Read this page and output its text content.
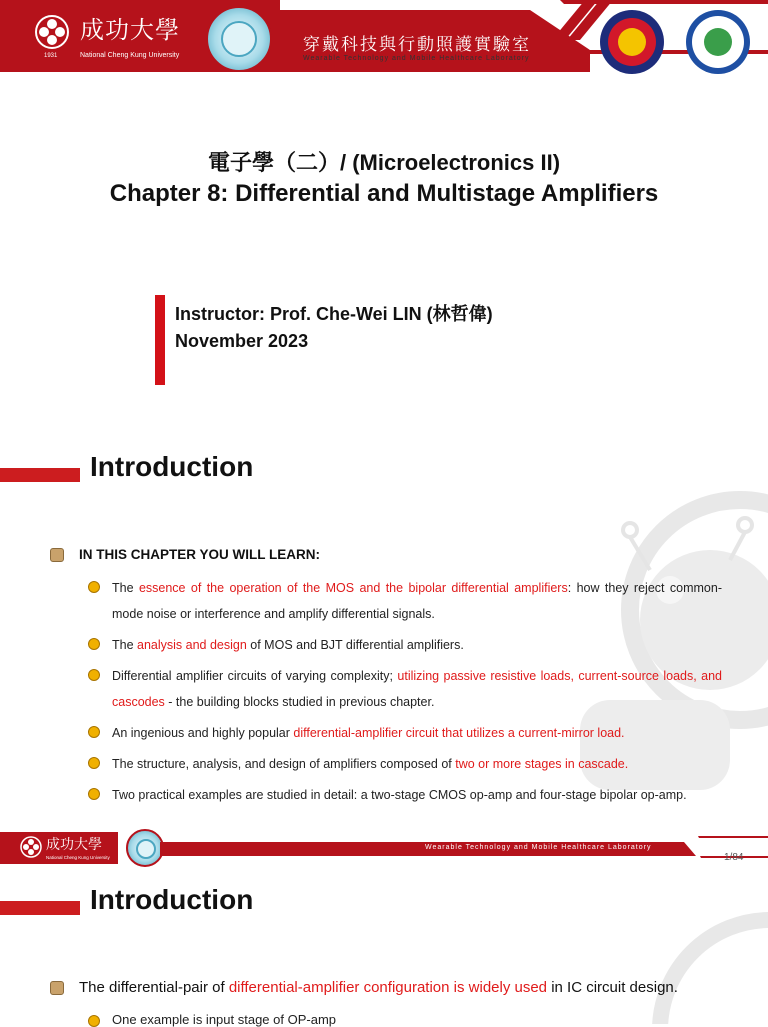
成功大學
1931	National Cheng Kung University
穿戴科技與行動照護實驗室
Wearable Technology and Mobile Healthcare Laboratory
電子學（二）/ (Microelectronics II)
Chapter 8: Differential and Multistage Amplifiers
Instructor: Prof. Che-Wei LIN (林哲偉)
November 2023
Introduction
IN THIS CHAPTER YOU WILL LEARN:
The essence of the operation of the MOS and the bipolar differential amplifiers: how they reject common-mode noise or interference and amplify differential signals.
The analysis and design of MOS and BJT differential amplifiers.
Differential amplifier circuits of varying complexity; utilizing passive resistive loads, current-source loads, and cascodes - the building blocks studied in previous chapter.
An ingenious and highly popular differential-amplifier circuit that utilizes a current-mirror load.
The structure, analysis, and design of amplifiers composed of two or more stages in cascade.
Two practical examples are studied in detail: a two-stage CMOS op-amp and four-stage bipolar op-amp.
成功大學
National Cheng Kung University
Wearable Technology and Mobile Healthcare Laboratory
1/84
Introduction
The differential-pair of differential-amplifier configuration is widely used in IC circuit design.
One example is input stage of OP-amp
